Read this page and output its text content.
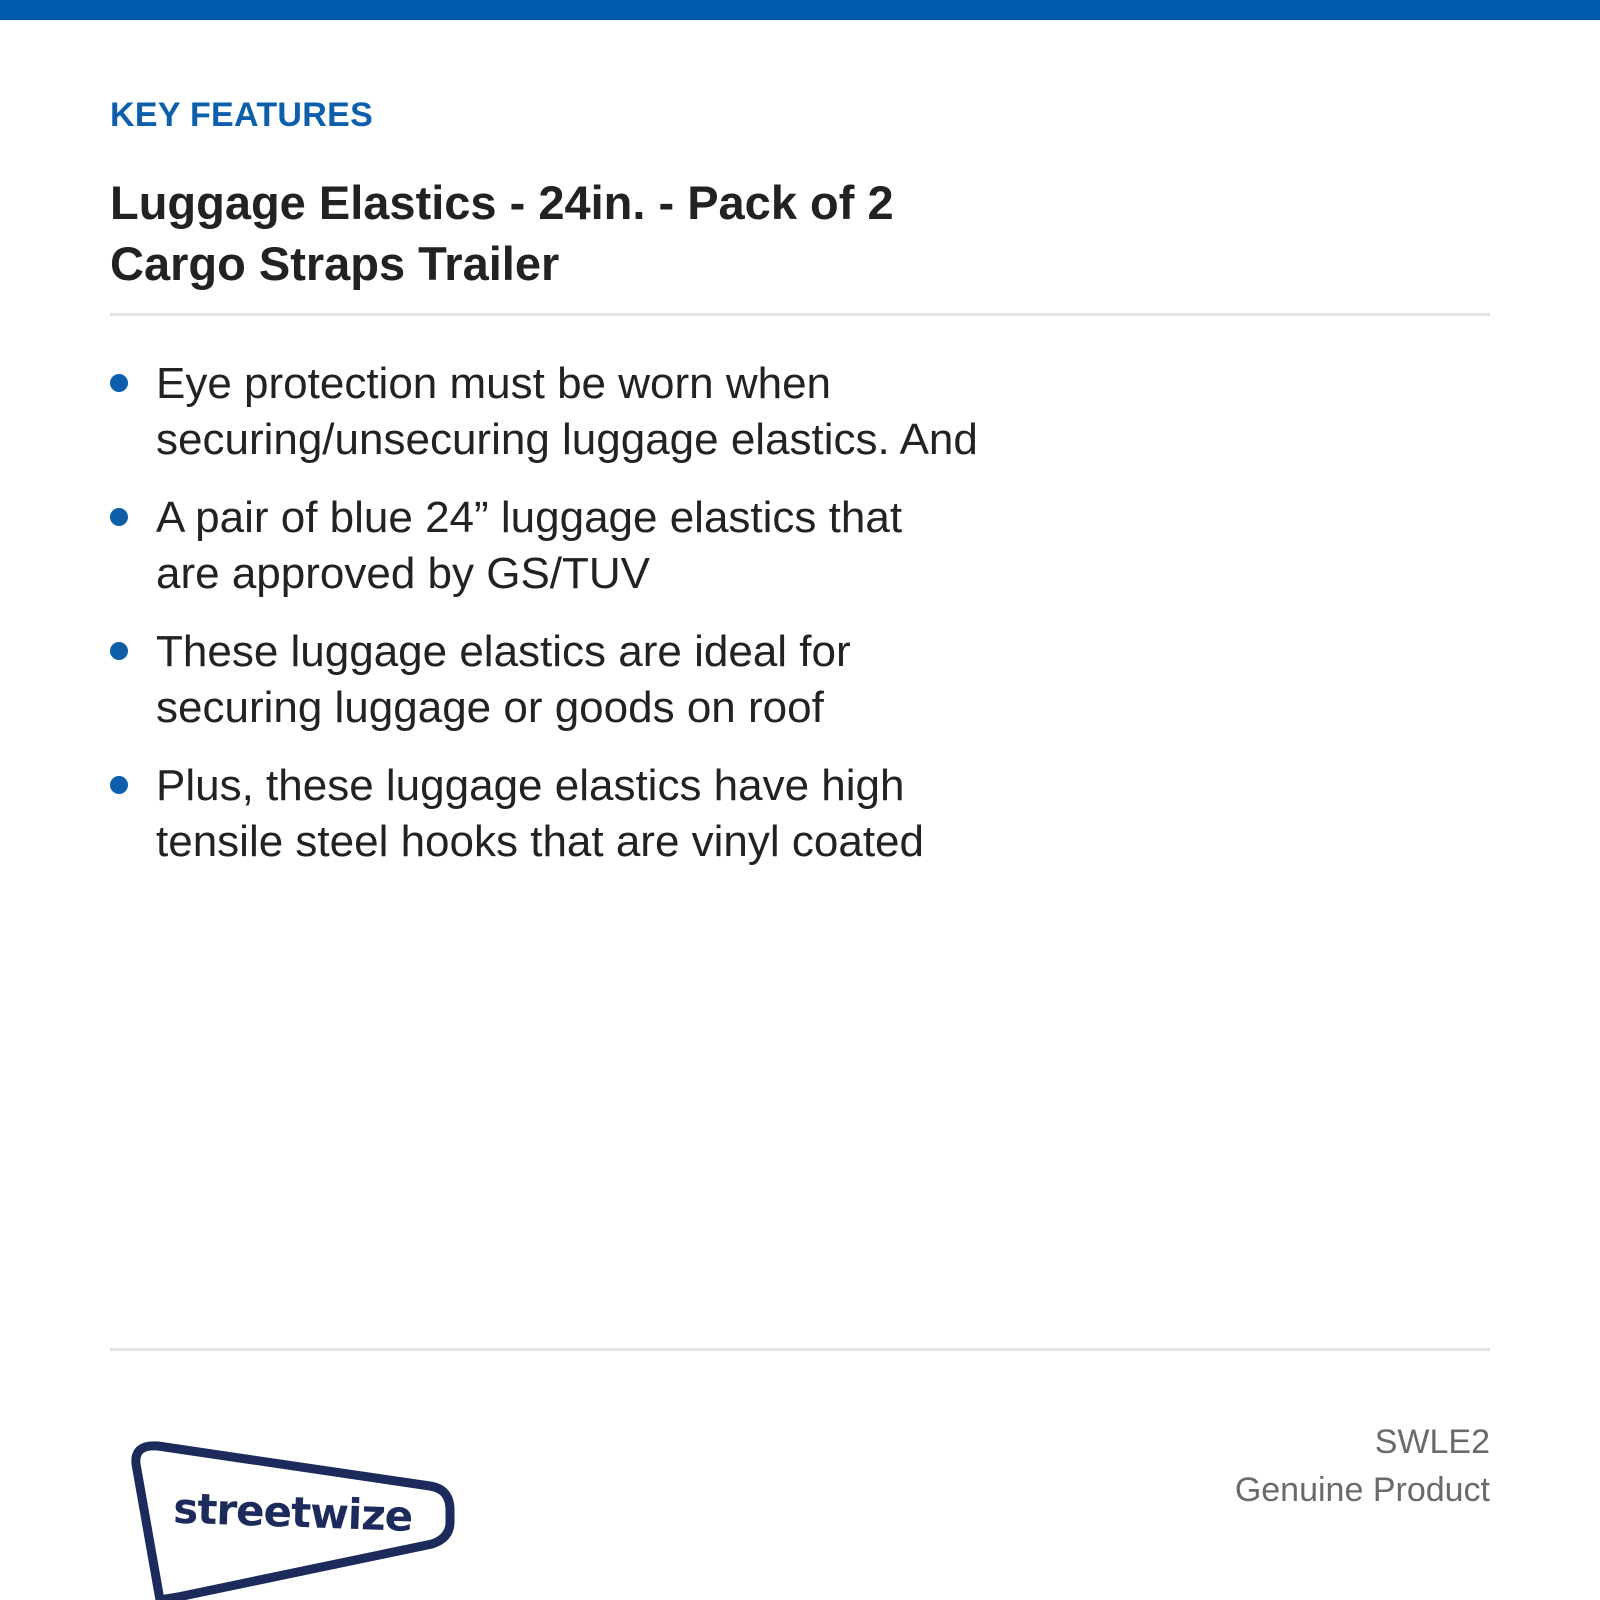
KEY FEATURES
Luggage Elastics - 24in. - Pack of 2
Cargo Straps Trailer
Eye protection must be worn when
securing/unsecuring luggage elastics. And
A pair of blue 24” luggage elastics that
are approved by GS/TUV
These luggage elastics are ideal for
securing luggage or goods on roof
Plus, these luggage elastics have high
tensile steel hooks that are vinyl coated
streetwize

SWLE2

Genuine Product
